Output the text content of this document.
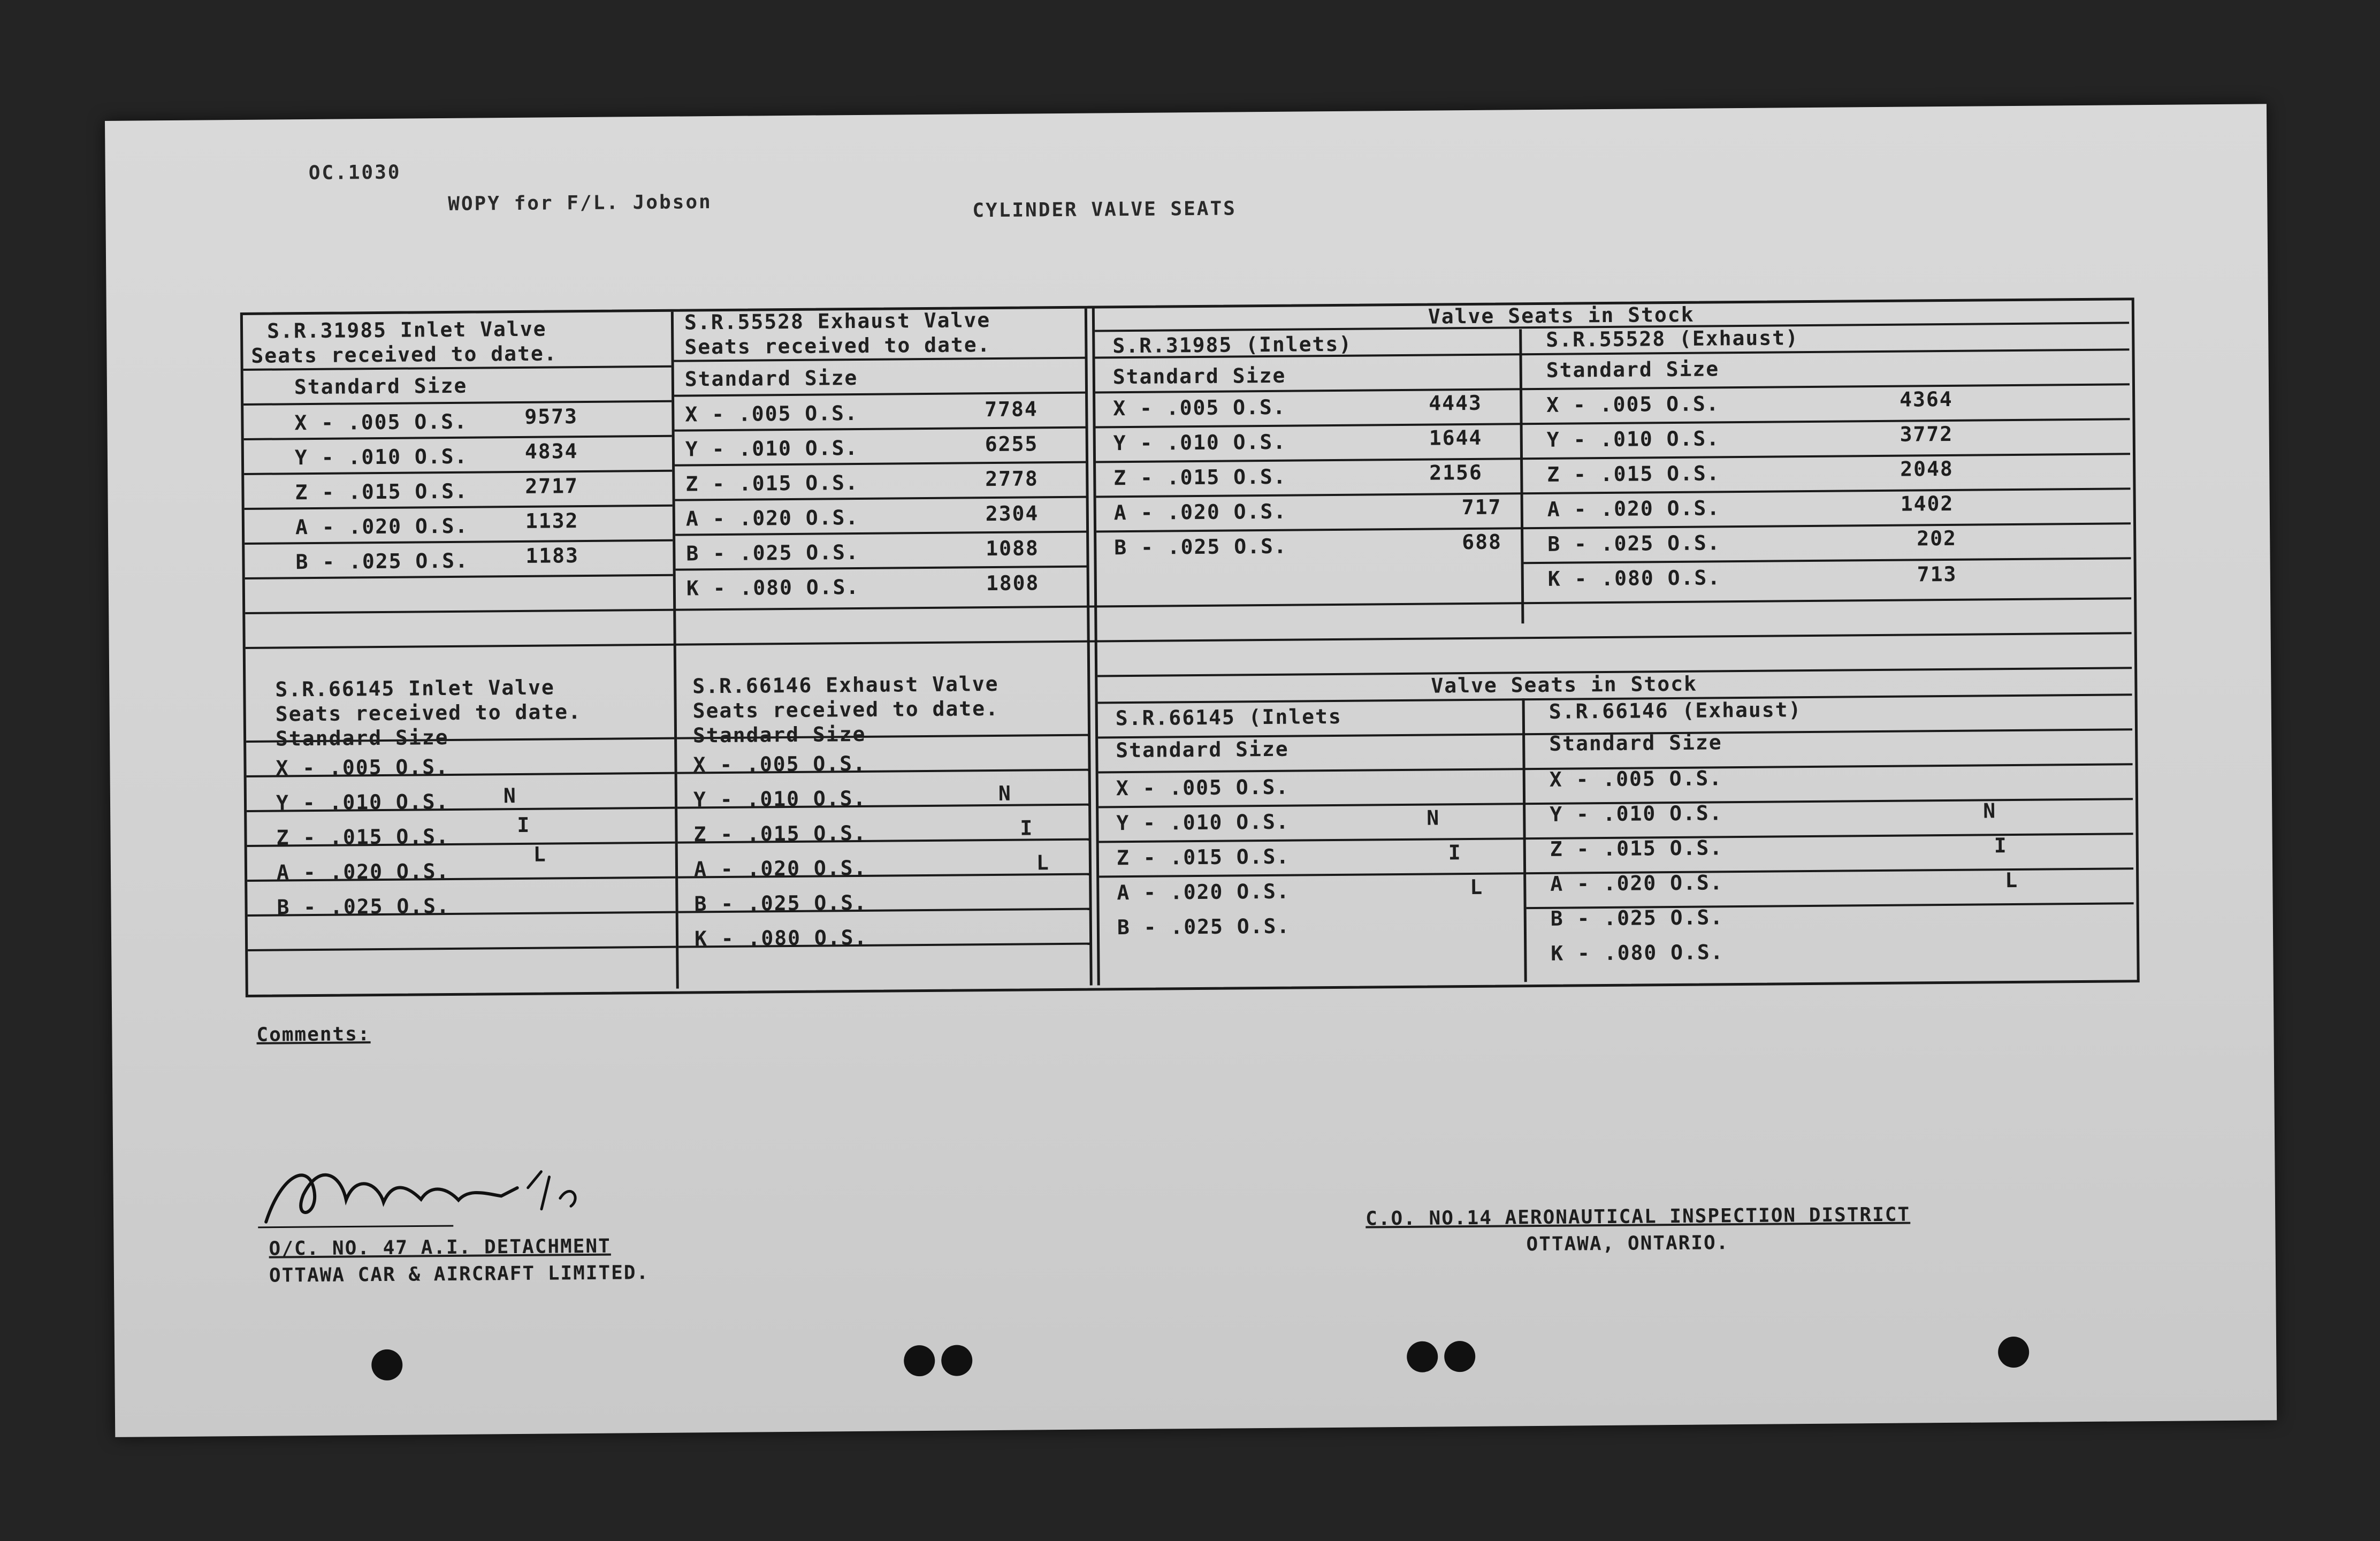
OC.1030
WOPY for F/L. Jobson	CYLINDER VALVE SEATS
S.R.31985 Inlet Valve
Seats received to date.
Standard Size
X - .005 O.S.	9573
Y - .010 O.S.	4834
Z - .015 O.S.	2717
A - .020 O.S.	1132
B - .025 O.S.	1183
S.R.55528 Exhaust Valve
Seats received to date.
Standard Size
X - .005 O.S.	7784
Y - .010 O.S.	6255
Z - .015 O.S.	2778
A - .020 O.S.	2304
B - .025 O.S.	1088
K - .080 O.S.	1808
Valve Seats in Stock
S.R.31985 (Inlets)	S.R.55528 (Exhaust)
Standard Size	Standard Size
X - .005 O.S.	4443
Y - .010 O.S.	1644
Z - .015 O.S.	2156
A - .020 O.S.	717
B - .025 O.S.	688
X - .005 O.S.	4364
Y - .010 O.S.	3772
Z - .015 O.S.	2048
A - .020 O.S.	1402
B - .025 O.S.	202
K - .080 O.S.	713
S.R.66145 Inlet Valve
Seats received to date.
Standard Size
X - .005 O.S.
Y - .010 O.S.
Z - .015 O.S.
A - .020 O.S.
B - .025 O.S.
N
I
L
S.R.66146 Exhaust Valve
Seats received to date.
Standard Size
X - .005 O.S.
Y - .010 O.S.
Z - .015 O.S.
A - .020 O.S.
B - .025 O.S.
K - .080 O.S.
N
I
L
Valve Seats in Stock
S.R.66145 (Inlets	S.R.66146 (Exhaust)
Standard Size	Standard Size
X - .005 O.S.
Y - .010 O.S.
Z - .015 O.S.
A - .020 O.S.
B - .025 O.S.
N
I
L
X - .005 O.S.
Y - .010 O.S.
Z - .015 O.S.
A - .020 O.S.
B - .025 O.S.
K - .080 O.S.
N
I
L
Comments:
O/C. NO. 47 A.I. DETACHMENT
OTTAWA CAR & AIRCRAFT LIMITED.
C.O. NO.14 AERONAUTICAL INSPECTION DISTRICT
OTTAWA, ONTARIO.
